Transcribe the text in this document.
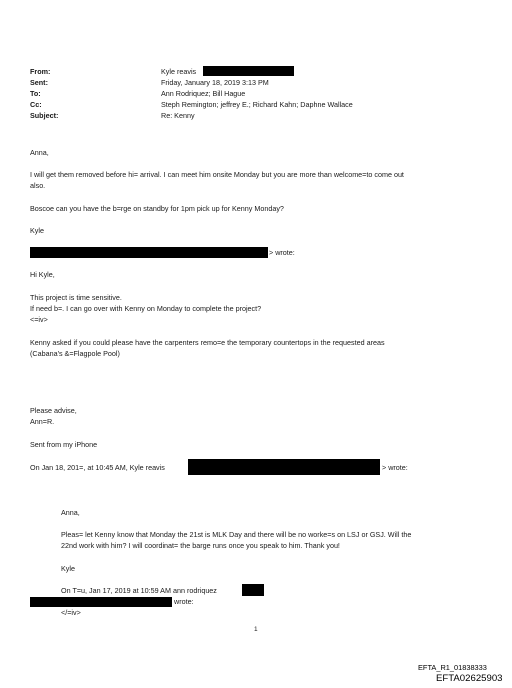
From:	Kyle reavis
Sent:	Friday, January 18, 2019 3:13 PM
To:	Ann Rodriquez; Bill Hague
Cc:	Steph Remington; jeffrey E.; Richard Kahn; Daphne Wallace
Subject:	Re: Kenny
Anna,
I will get them removed before hi= arrival. I can meet him onsite Monday but you are more than welcome=to come out
also.
Boscoe can you have the b=rge on standby for 1pm pick up for Kenny Monday?
Kyle
> wrote:
Hi Kyle,
This project is time sensitive.
If need b=. I can go over with Kenny on Monday to complete the project?
<=iv>
Kenny asked if you could please have the carpenters remo=e the temporary countertops in the requested areas
(Cabana's &=Flagpole Pool)
Please advise,
Ann=R.
Sent from my iPhone
On Jan 18, 201=, at 10:45 AM, Kyle reavis	> wrote:
Anna,
Pleas= let Kenny know that Monday the 21st is MLK Day and there will be no worke=s on LSJ or GSJ. Will the
22nd work with him? I will coordinat= the barge runs once you speak to him. Thank you!
Kyle
On T=u, Jan 17, 2019 at 10:59 AM ann rodriquez
wrote:
</=iv>
1
EFTA_R1_01838333
EFTA02625903
